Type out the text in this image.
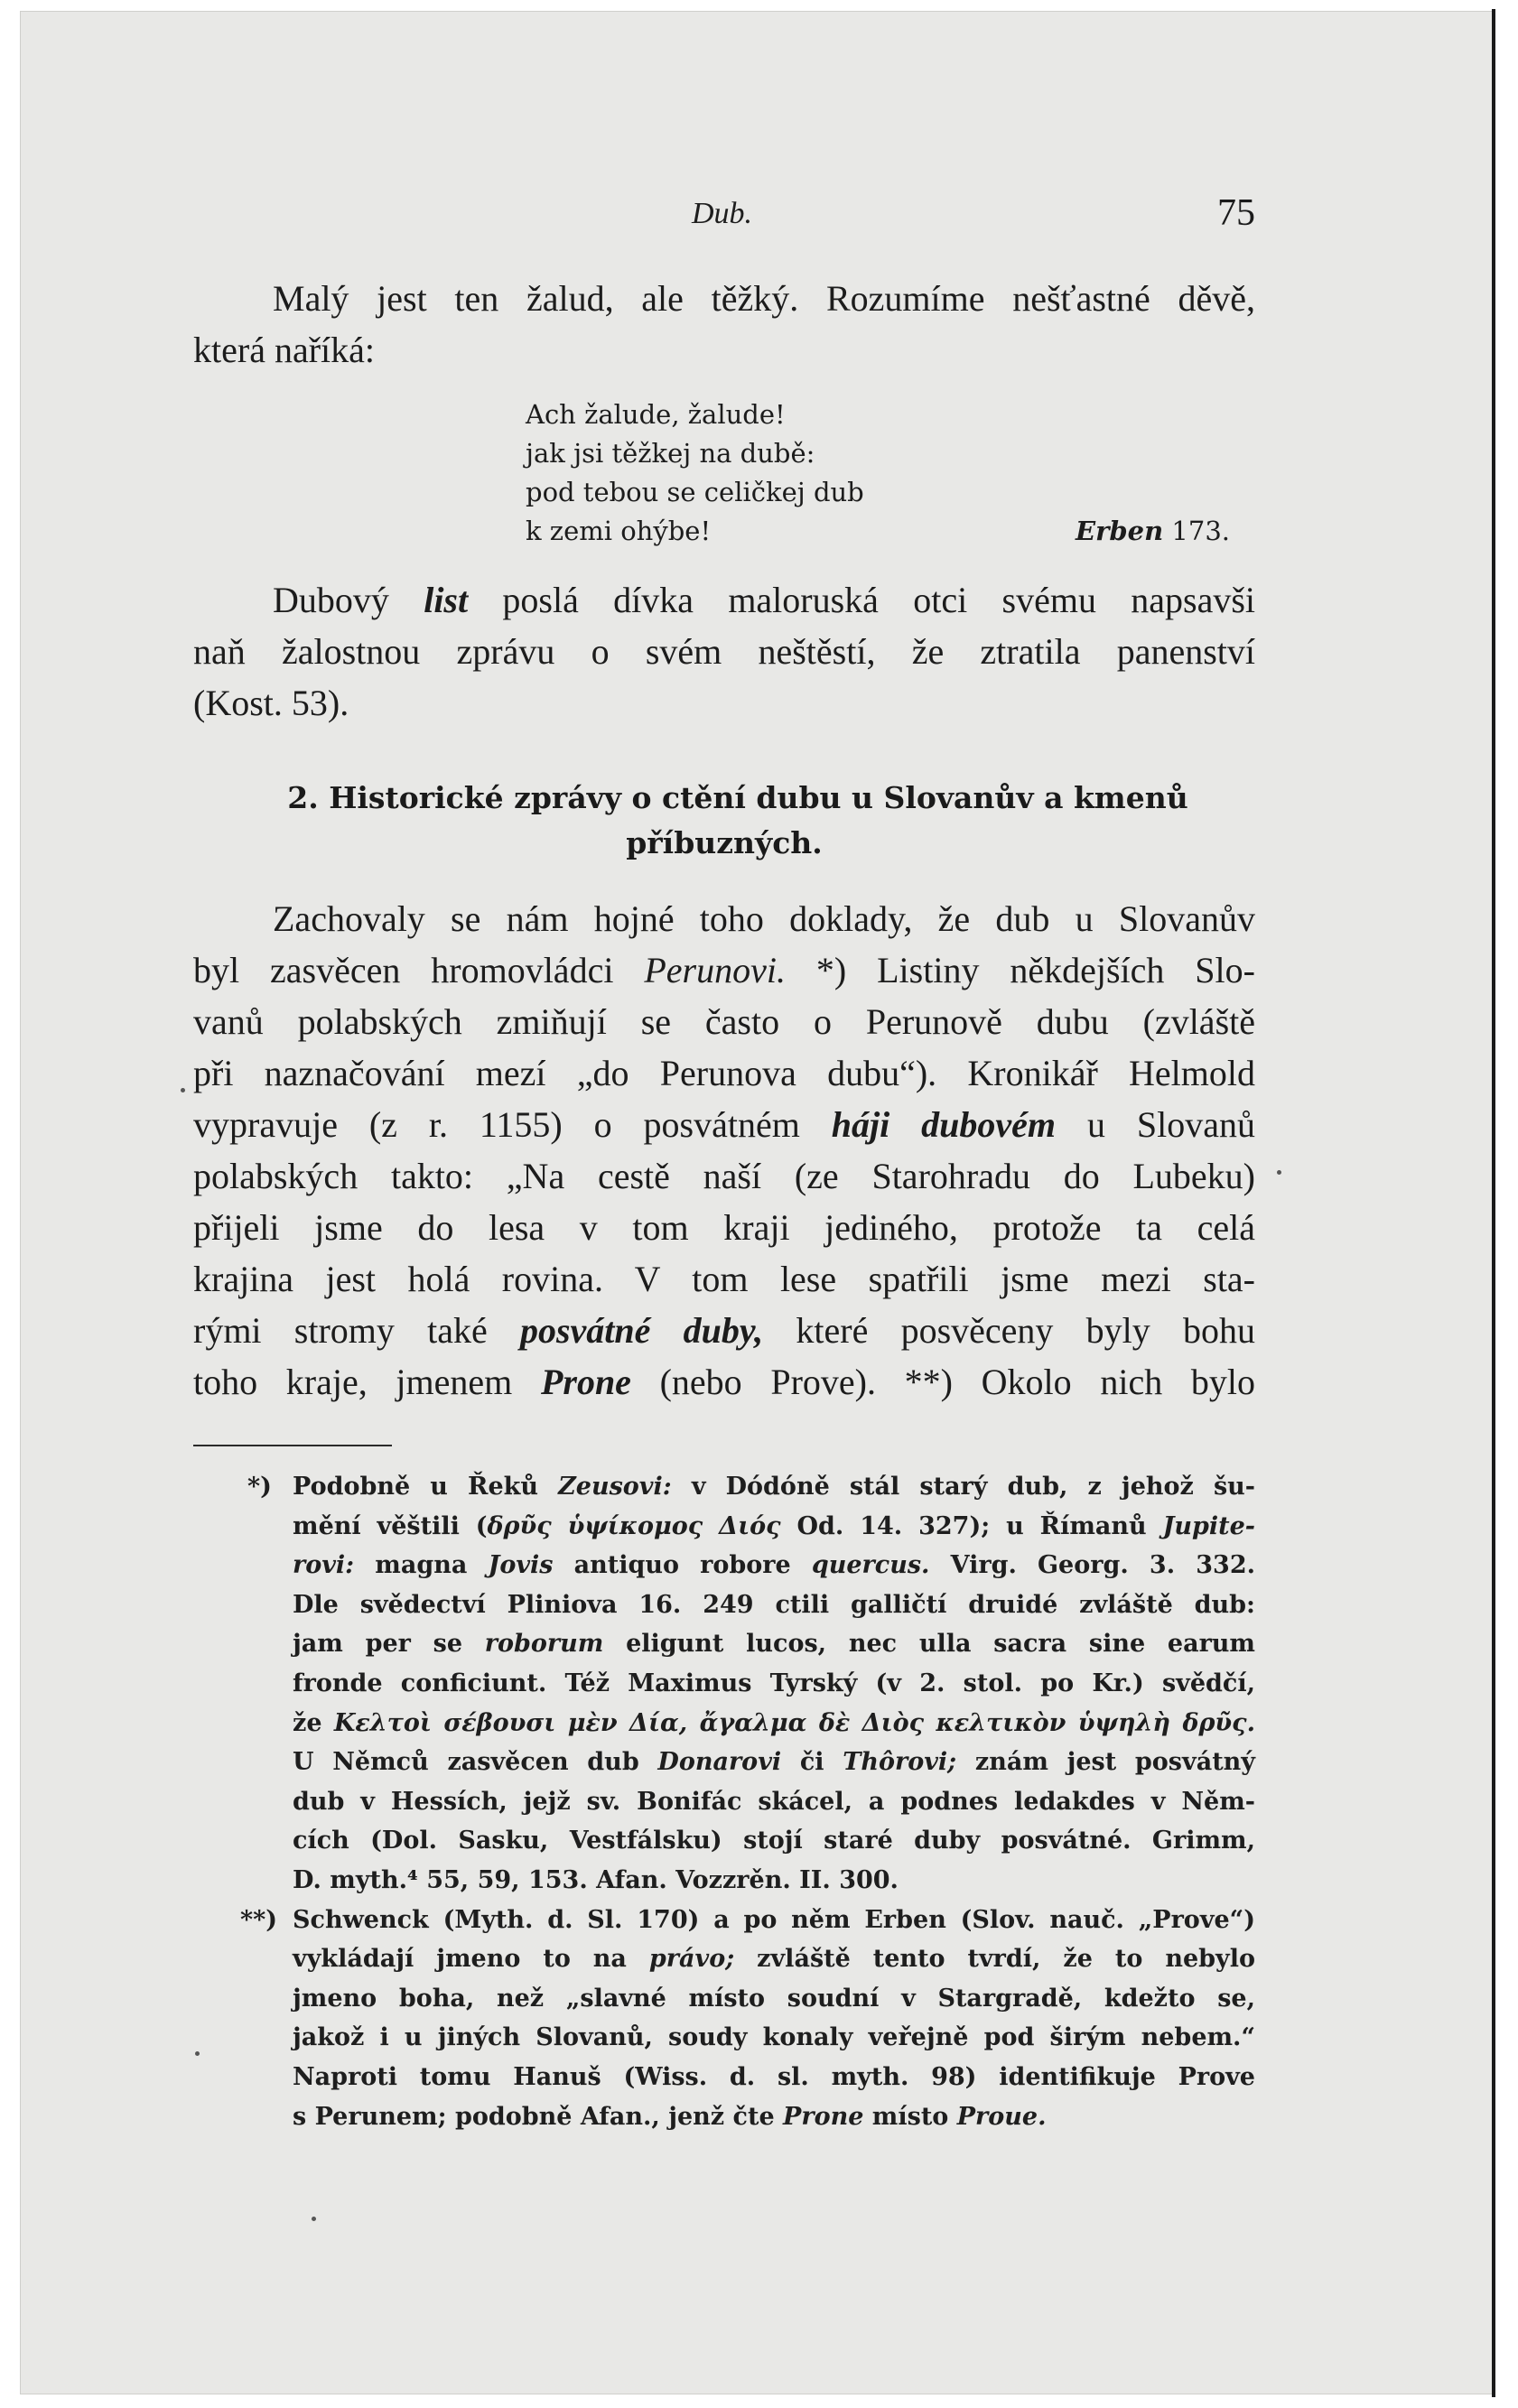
Dub.	75

Malý jest ten žalud, ale těžký. Rozumíme nešťastné děvě,
která naříká:

Ach žalude, žalude!
jak jsi těžkej na dubě:
pod tebou se celičkej dub
k zemi ohýbe!	Erben 173.

Dubový list poslá dívka maloruská otci svému napsavši
naň žalostnou zprávu o svém neštěstí, že ztratila panenství
(Kost. 53).

2. Historické zprávy o ctění dubu u Slovanův a kmenů
příbuzných.

Zachovaly se nám hojné toho doklady, že dub u Slovanův
byl zasvěcen hromovládci Perunovi. *) Listiny někdejších Slo-
vanů polabských zmiňují se často o Perunově dubu (zvláště
při naznačování mezí „do Perunova dubu“). Kronikář Helmold
vypravuje (z r. 1155) o posvátném háji dubovém u Slovanů
polabských takto: „Na cestě naší (ze Starohradu do Lubeku)
přijeli jsme do lesa v tom kraji jediného, protože ta celá
krajina jest holá rovina. V tom lese spatřili jsme mezi sta-
rými stromy také posvátné duby, které posvěceny byly bohu
toho kraje, jmenem Prone (nebo Prove). **) Okolo nich bylo

*) Podobně u Řeků Zeusovi: v Dódóně stál starý dub, z jehož šu-
mění věštili (δρῦς ὑψίκομος Διός Od. 14. 327); u Římanů Jupite-
rovi: magna Jovis antiquo robore quercus. Virg. Georg. 3. 332.
Dle svědectví Pliniova 16. 249 ctili galličtí druidé zvláště dub:
jam per se roborum eligunt lucos, nec ulla sacra sine earum
fronde conficiunt. Též Maximus Tyrský (v 2. stol. po Kr.) svědčí,
že Κελτοὶ σέβουσι μὲν Δία, ἄγαλμα δὲ Διὸς κελτικὸν ὑψηλὴ δρῦς.
U Němců zasvěcen dub Donarovi či Thôrovi; znám jest posvátný
dub v Hessích, jejž sv. Bonifác skácel, a podnes ledakdes v Něm-
cích (Dol. Sasku, Vestfálsku) stojí staré duby posvátné. Grimm,
D. myth.⁴ 55, 59, 153. Afan. Vozzrěn. II. 300.
**) Schwenck (Myth. d. Sl. 170) a po něm Erben (Slov. nauč. „Prove“)
vykládají jmeno to na právo; zvláště tento tvrdí, že to nebylo
jmeno boha, než „slavné místo soudní v Stargradě, kdežto se,
jakož i u jiných Slovanů, soudy konaly veřejně pod širým nebem.“
Naproti tomu Hanuš (Wiss. d. sl. myth. 98) identifikuje Prove
s Perunem; podobně Afan., jenž čte Prone místo Proue.
